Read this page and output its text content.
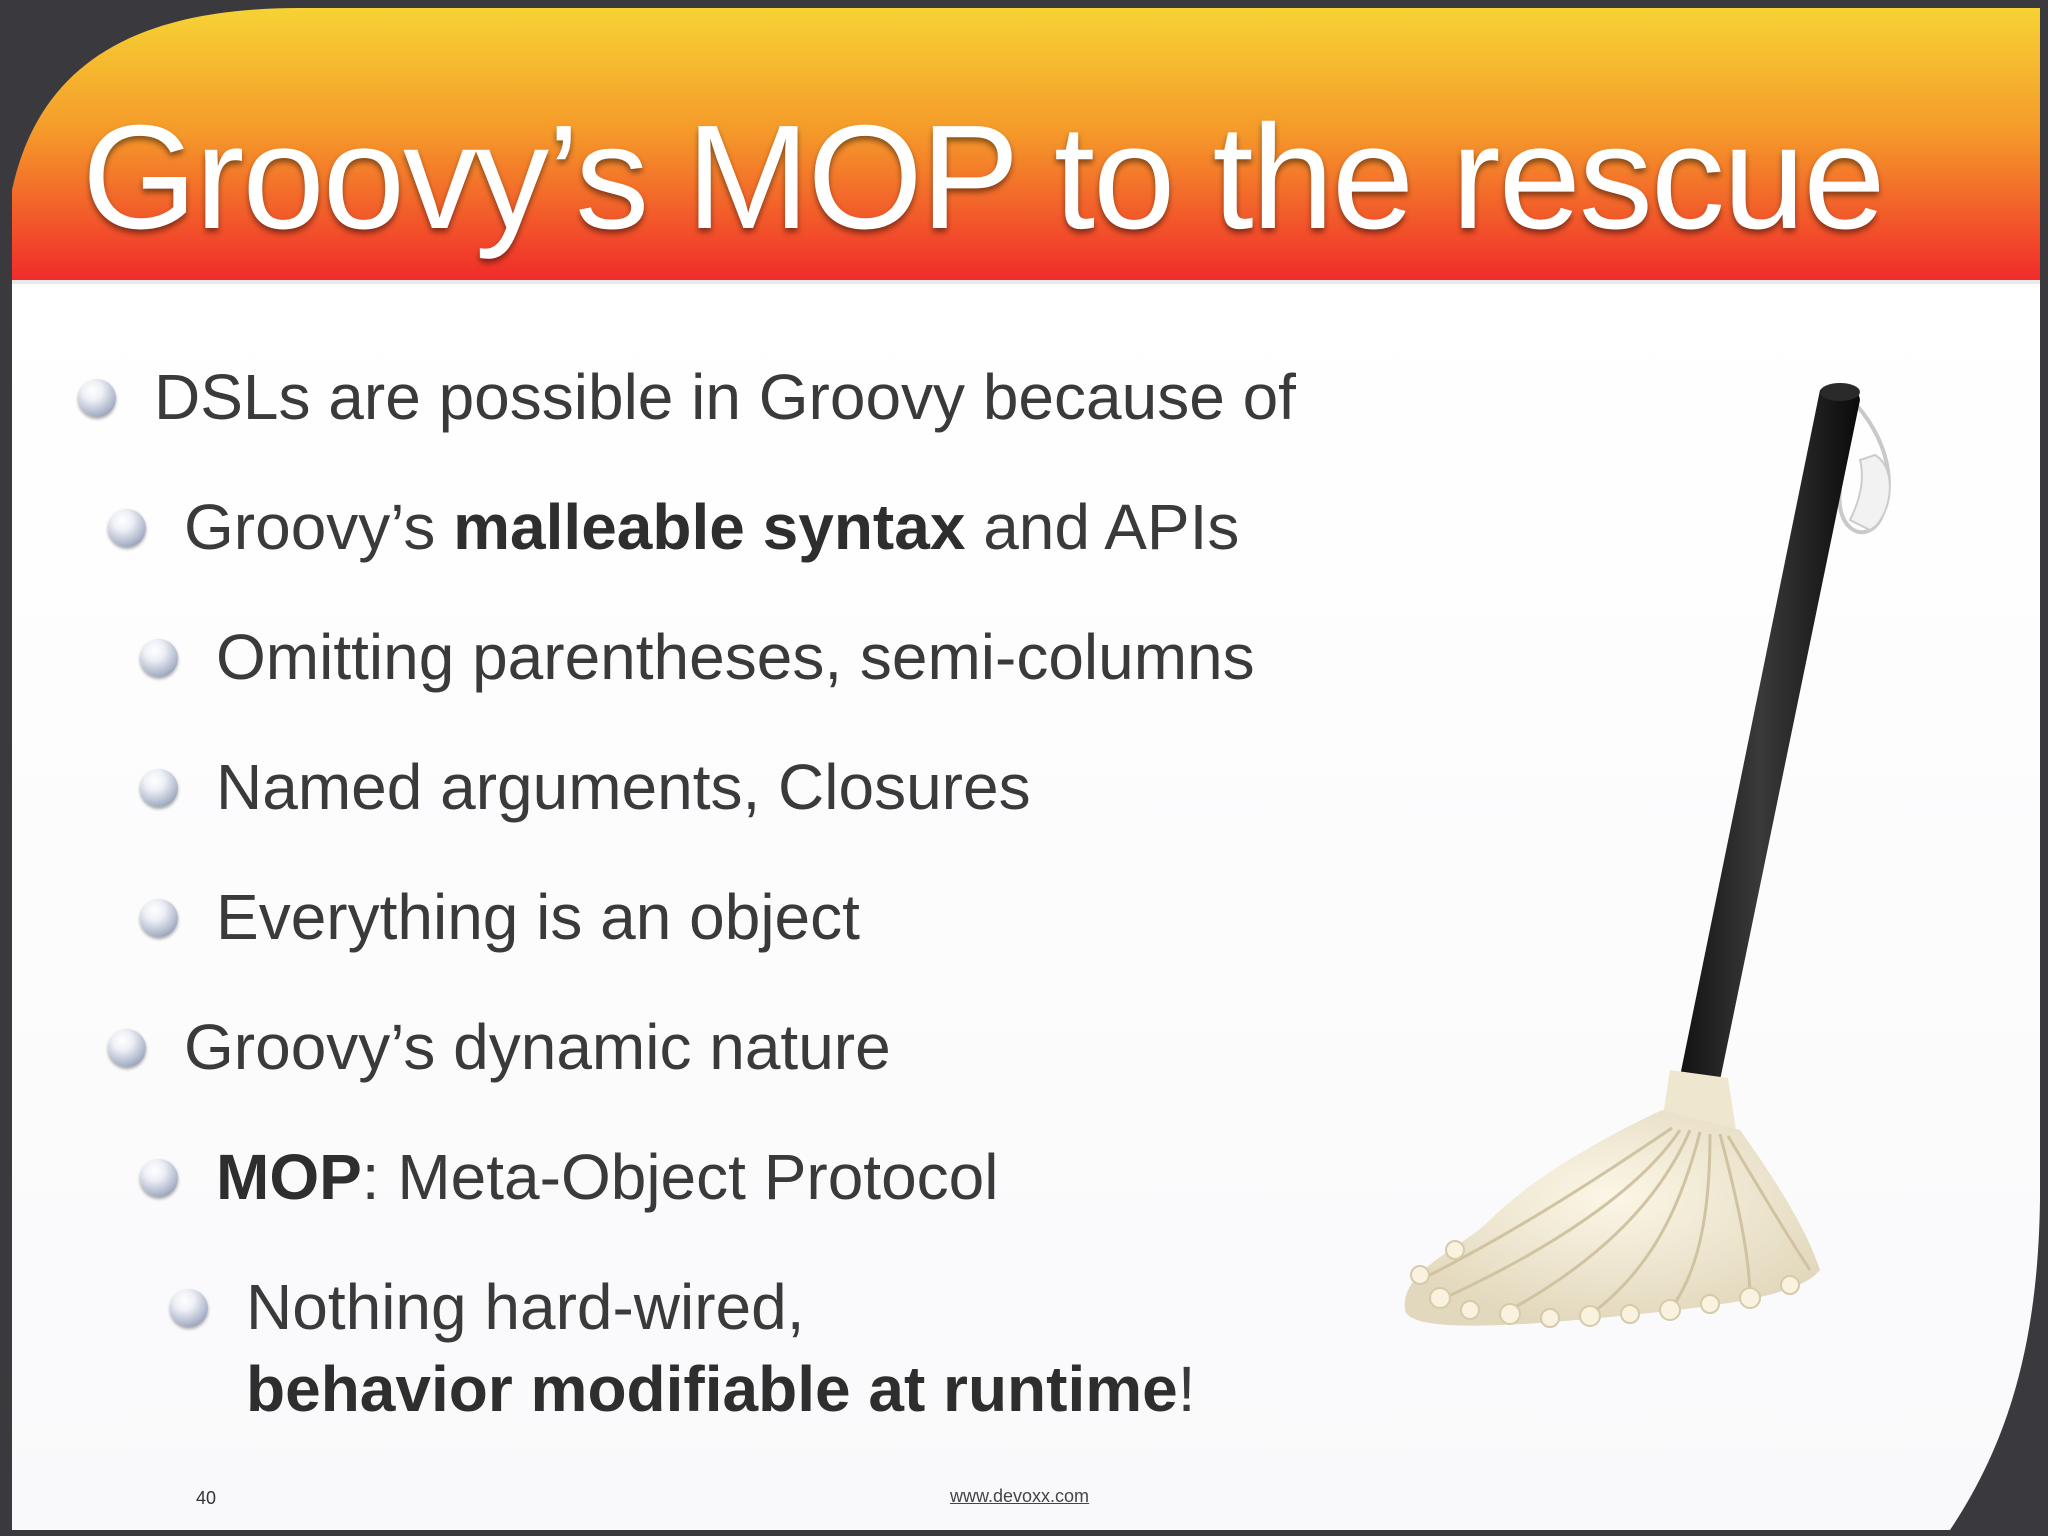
Groovy’s MOP to the rescue
DSLs are possible in Groovy because of
Groovy’s malleable syntax and APIs
Omitting parentheses, semi-columns
Named arguments, Closures
Everything is an object
Groovy’s dynamic nature
MOP: Meta-Object Protocol
Nothing hard-wired,
behavior modifiable at runtime!
40	www.devoxx.com
